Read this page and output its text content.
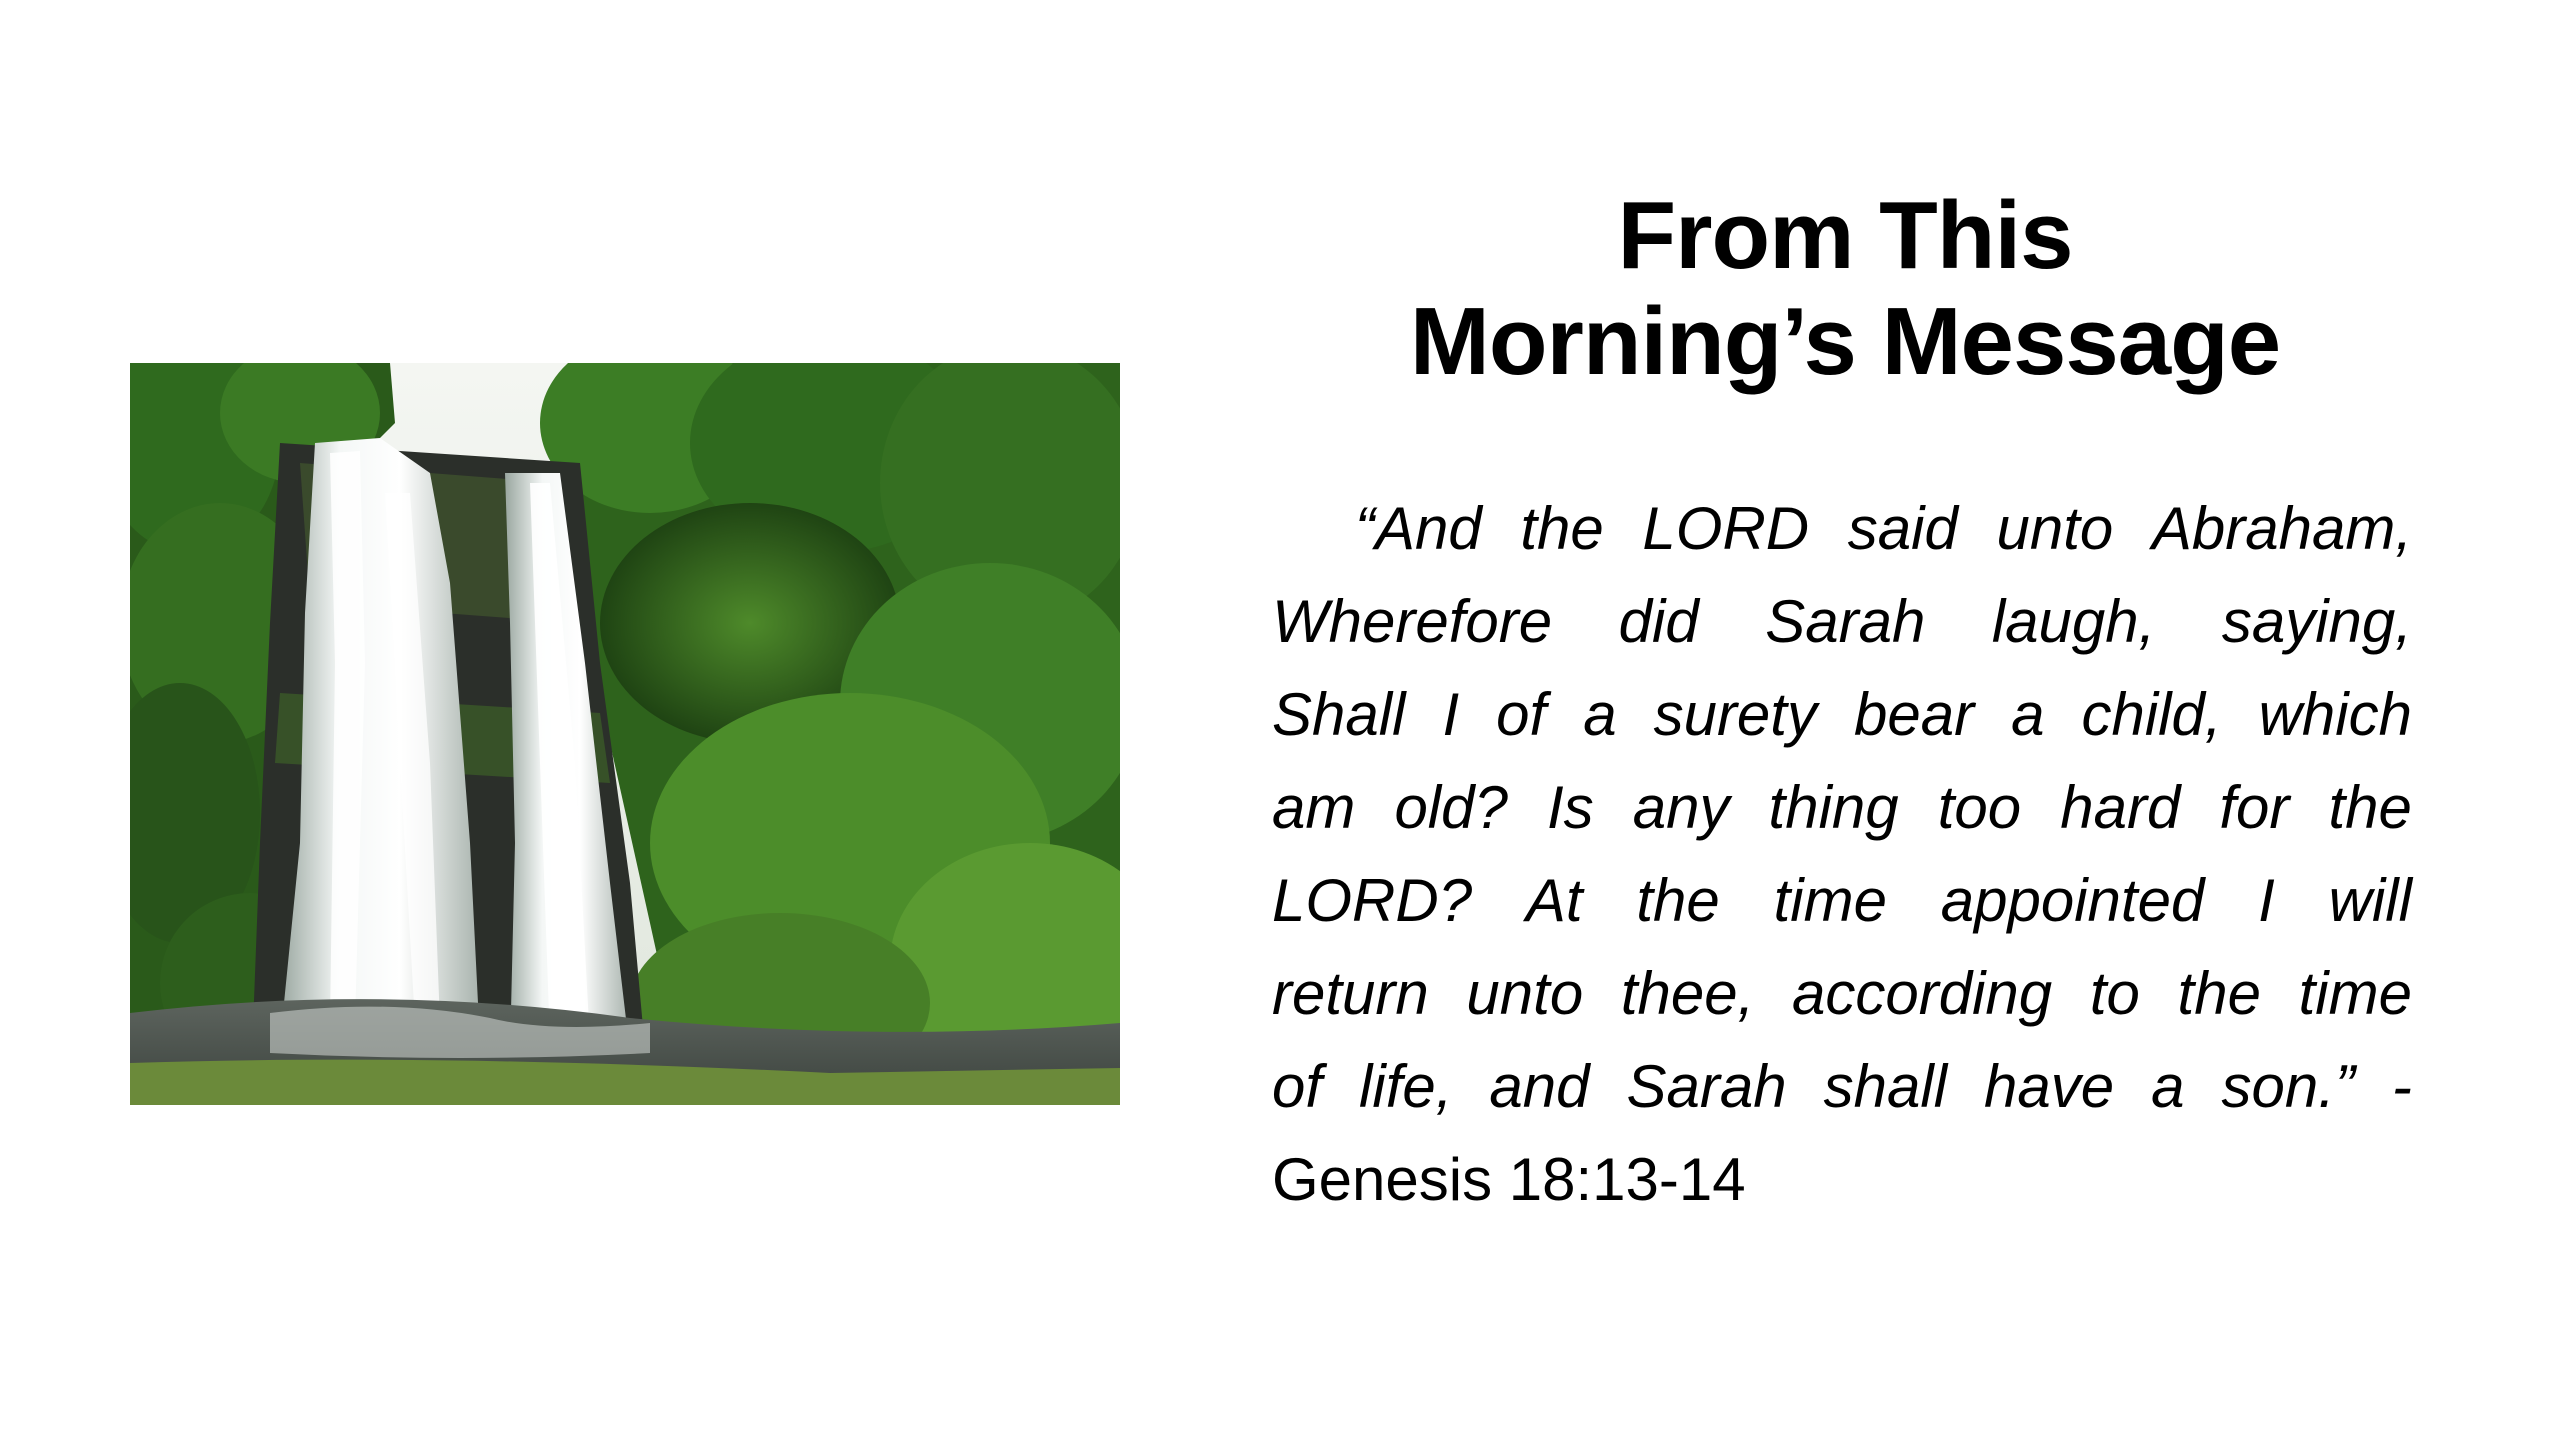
From This
Morning’s Message
“And the LORD said unto Abraham,
Wherefore did Sarah laugh, saying,
Shall I of a surety bear a child, which
am old? Is any thing too hard for the
LORD? At the time appointed I will
return unto thee, according to the time
of life, and Sarah shall have a son.” -
Genesis 18:13-14
